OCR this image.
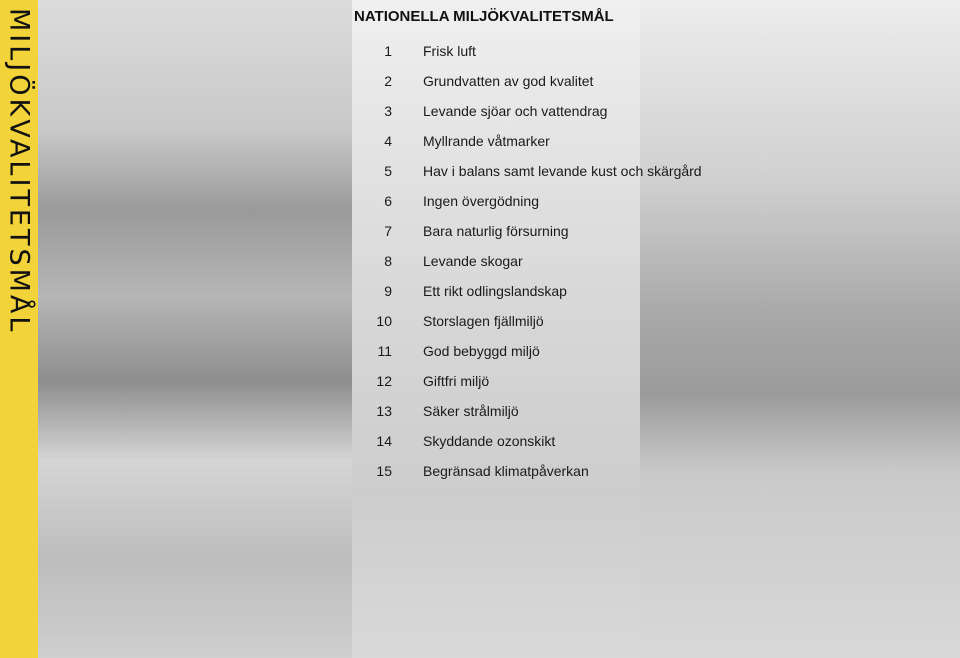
MILJÖKVALITETSMÅL	NATIONELLA MILJÖKVALITETSMÅL
1 Frisk luft
2 Grundvatten av god kvalitet
3 Levande sjöar och vattendrag
4 Myllrande våtmarker
5 Hav i balans samt levande kust och skärgård
6 Ingen övergödning
7 Bara naturlig försurning
8 Levande skogar
9 Ett rikt odlingslandskap
10 Storslagen fjällmiljö
11 God bebyggd miljö
12 Giftfri miljö
13 Säker strålmiljö
14 Skyddande ozonskikt
15 Begränsad klimatpåverkan
